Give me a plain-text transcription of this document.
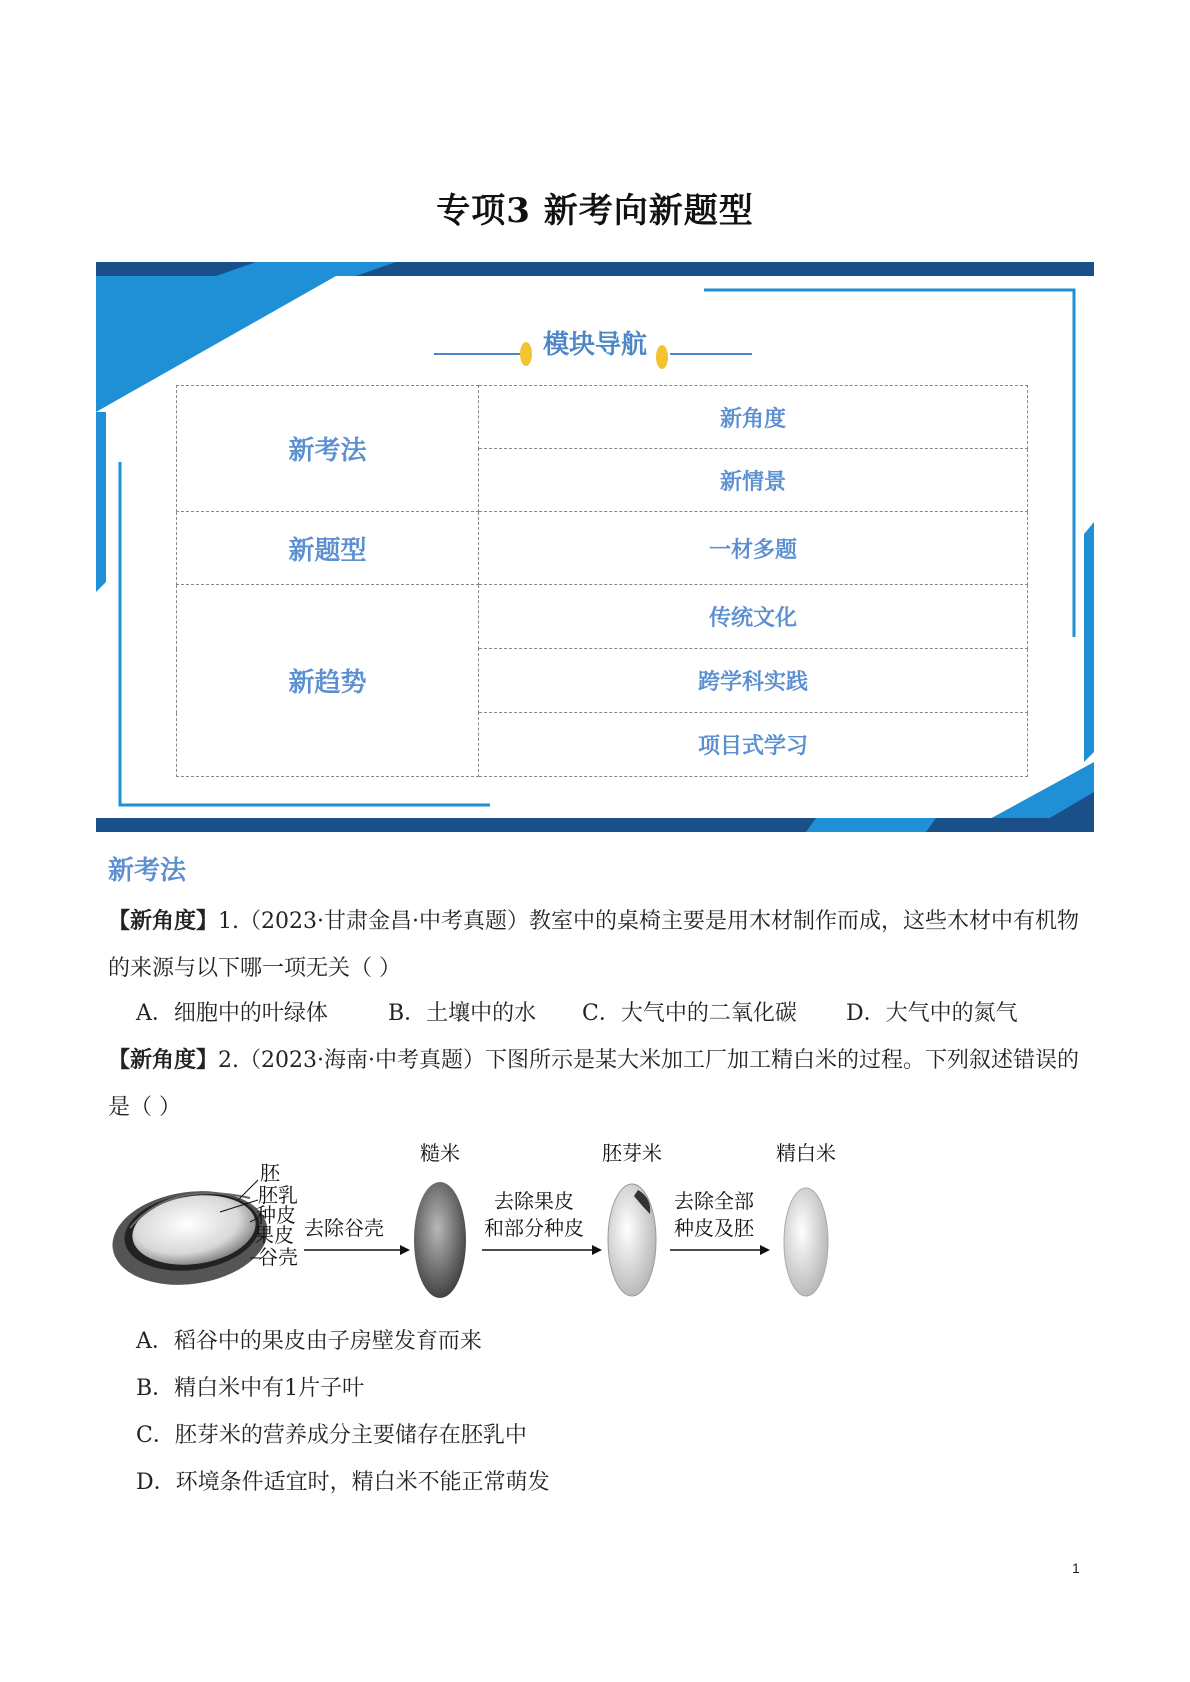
专项3 新考向新题型
模块导航
新考法	新角度
	新情景
新题型	一材多题
新趋势	传统文化
	跨学科实践
	项目式学习
新考法
【新角度】1.（2023·甘肃金昌·中考真题）教室中的桌椅主要是用木材制作而成，这些木材中有机物的来源与以下哪一项无关（ ）
A．细胞中的叶绿体	B．土壤中的水 C．大气中的二氧化碳 D．大气中的氮气
【新角度】2.（2023·海南·中考真题）下图所示是某大米加工厂加工精白米的过程。下列叙述错误的是（ ）
胚
胚乳
种皮
果皮
谷壳
去除谷壳
糙米
去除果皮
和部分种皮
胚芽米
去除全部
种皮及胚
精白米
A．稻谷中的果皮由子房壁发育而来
B．精白米中有1片子叶
C．胚芽米的营养成分主要储存在胚乳中
D．环境条件适宜时，精白米不能正常萌发
1
